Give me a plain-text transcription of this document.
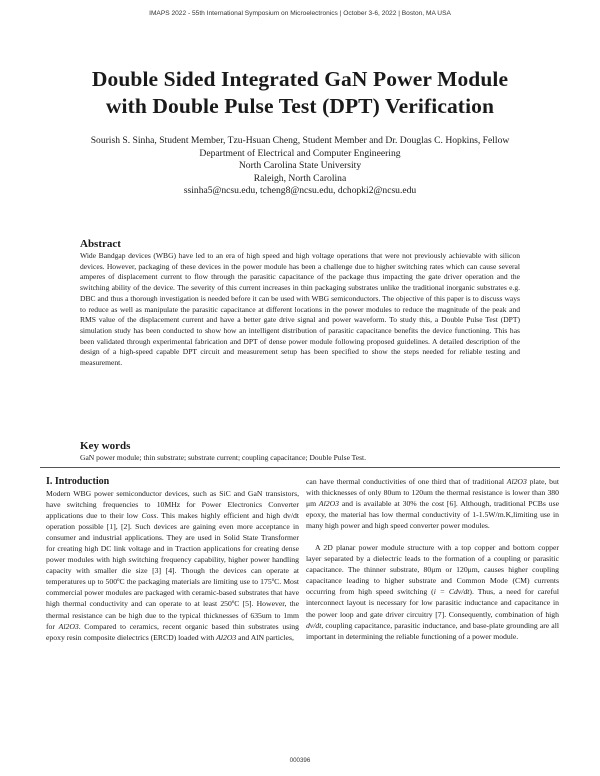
IMAPS 2022 - 55th International Symposium on Microelectronics | October 3-6, 2022 | Boston, MA USA
Double Sided Integrated GaN Power Module
with Double Pulse Test (DPT) Verification
Sourish S. Sinha, Student Member, Tzu-Hsuan Cheng, Student Member and Dr. Douglas C. Hopkins, Fellow
Department of Electrical and Computer Engineering
North Carolina State University
Raleigh, North Carolina
ssinha5@ncsu.edu, tcheng8@ncsu.edu, dchopki2@ncsu.edu

Abstract

Wide Bandgap devices (WBG) have led to an era of high speed and high voltage operations that were not previously achievable with silicon devices. However, packaging of these devices in the power module has been a challenge due to higher switching rates which can cause several amperes of displacement current to flow through the parasitic capacitance of the package thus impacting the gate driver operation and the switching ability of the device. The severity of this current increases in thin packaging substrates unlike the traditional inorganic substrates e.g. DBC and thus a thorough investigation is needed before it can be used with WBG semiconductors. The objective of this paper is to discuss ways to reduce as well as manipulate the parasitic capacitance at different locations in the power modules to reduce the magnitude of the peak and RMS value of the displacement current and have a better gate drive signal and power waveform. To study this, a Double Pulse Test (DPT) simulation study has been conducted to show how an intelligent distribution of parasitic capacitance benefits the device functioning. This has been validated through experimental fabrication and DPT of dense power module following proposed guidelines. A detailed description of the design of a high-speed capable DPT circuit and measurement setup has been specified to show the steps needed for reliable testing and measurement.

Key words

GaN power module; thin substrate; substrate current; coupling capacitance; Double Pulse Test.

I. Introduction

Modern WBG power semiconductor devices, such as SiC and GaN transistors, have switching frequencies to 10MHz for Power Electronics Converter applications due to their low Coss. This makes highly efficient and high dv/dt operation possible [1], [2]. Such devices are gaining even more acceptance in consumer and industrial applications. They are used in Solid State Transformer for creating high DC link voltage and in Traction applications for creating dense power modules with high switching frequency capability, higher power handling capacity with smaller die size [3] [4]. Though the devices can operate at temperatures up to 500ºC the packaging materials are limiting use to 175ºC. Most commercial power modules are packaged with ceramic-based substrates that have high thermal conductivity and can operate to at least 250ºC [5]. However, the thermal resistance can be high due to the typical thicknesses of 635um to 1mm for Al2O3. Compared to ceramics, recent organic based thin substrates using epoxy resin composite dielectrics (ERCD) loaded with Al2O3 and AlN particles,

can have thermal conductivities of one third that of traditional Al2O3 plate, but with thicknesses of only 80um to 120um the thermal resistance is lower than 380 μm Al2O3 and is available at 30% the cost [6]. Although, traditional PCBs use epoxy, the material has low thermal conductivity of 1-1.5W/m.K,limiting use in many high power and high speed converter power modules.

A 2D planar power module structure with a top copper and bottom copper layer separated by a dielectric leads to the formation of a coupling or parasitic capacitance. The thinner substrate, 80μm or 120μm, causes higher coupling capacitance leading to higher substrate and Common Mode (CM) currents occurring from high speed switching (i = Cdv/dt). Thus, a need for careful interconnect layout is necessary for low parasitic inductance and capacitance in the power loop and gate driver circuitry [7]. Consequently, combination of high dv/dt, coupling capacitance, parasitic inductance, and base-plate grounding are all important in determining the reliable functioning of a power module.

000396
